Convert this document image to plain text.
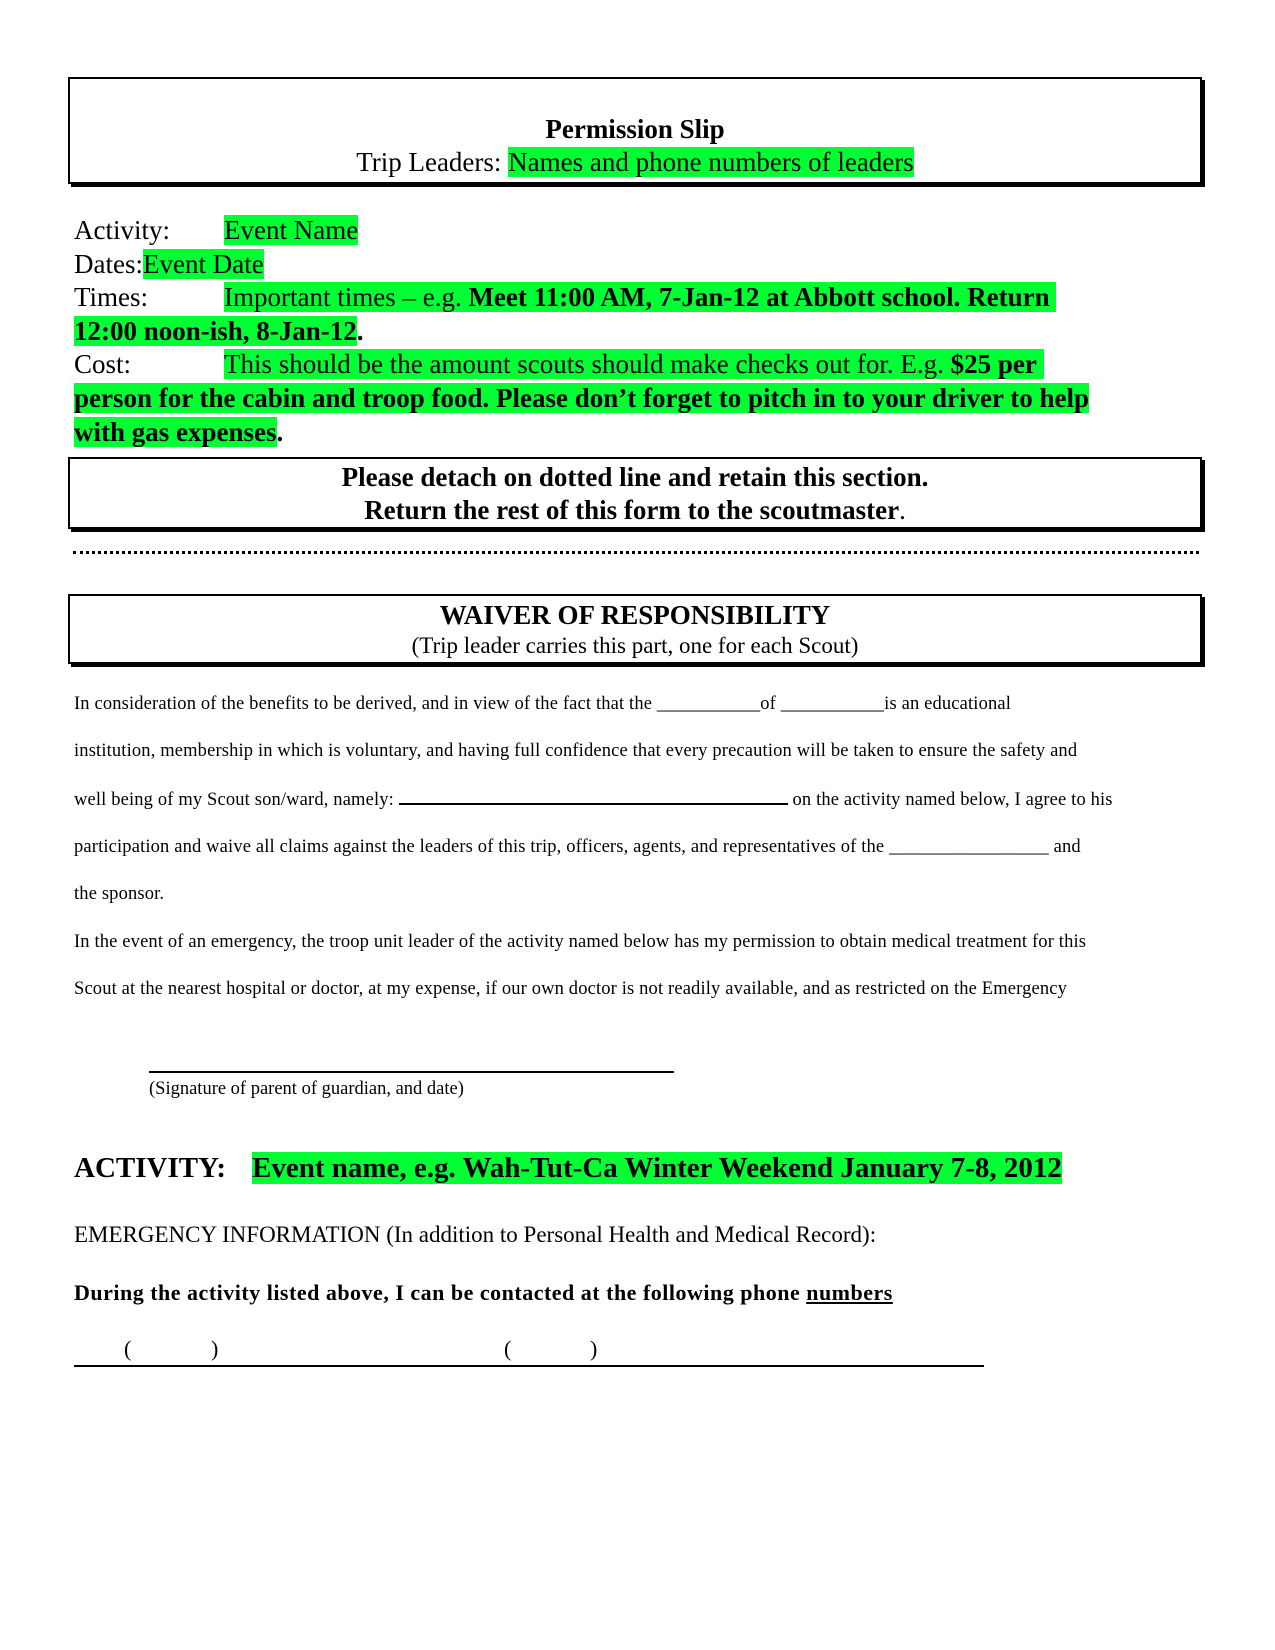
Permission Slip
Trip Leaders: Names and phone numbers of leaders
Activity: Event Name
Dates:Event Date
Times:	Important times – e.g. Meet 11:00 AM, 7-Jan-12 at Abbott school. Return
12:00 noon-ish, 8-Jan-12.
Cost:	This should be the amount scouts should make checks out for. E.g. $25 per
person for the cabin and troop food. Please don’t forget to pitch in to your driver to help
with gas expenses.
Please detach on dotted line and retain this section.
Return the rest of this form to the scoutmaster.
WAIVER OF RESPONSIBILITY
(Trip leader carries this part, one for each Scout)
In consideration of the benefits to be derived, and in view of the fact that the ___________of ___________is an educational
institution, membership in which is voluntary, and having full confidence that every precaution will be taken to ensure the safety and
well being of my Scout son/ward, namely:	on the activity named below, I agree to his
participation and waive all claims against the leaders of this trip, officers, agents, and representatives of the _________________ and
the sponsor.
In the event of an emergency, the troop unit leader of the activity named below has my permission to obtain medical treatment for this
Scout at the nearest hospital or doctor, at my expense, if our own doctor is not readily available, and as restricted on the Emergency
(Signature of parent of guardian, and date)
ACTIVITY: Event name, e.g. Wah-Tut-Ca Winter Weekend January 7-8, 2012
EMERGENCY INFORMATION (In addition to Personal Health and Medical Record):
During the activity listed above, I can be contacted at the following phone numbers
(	)	(	)
